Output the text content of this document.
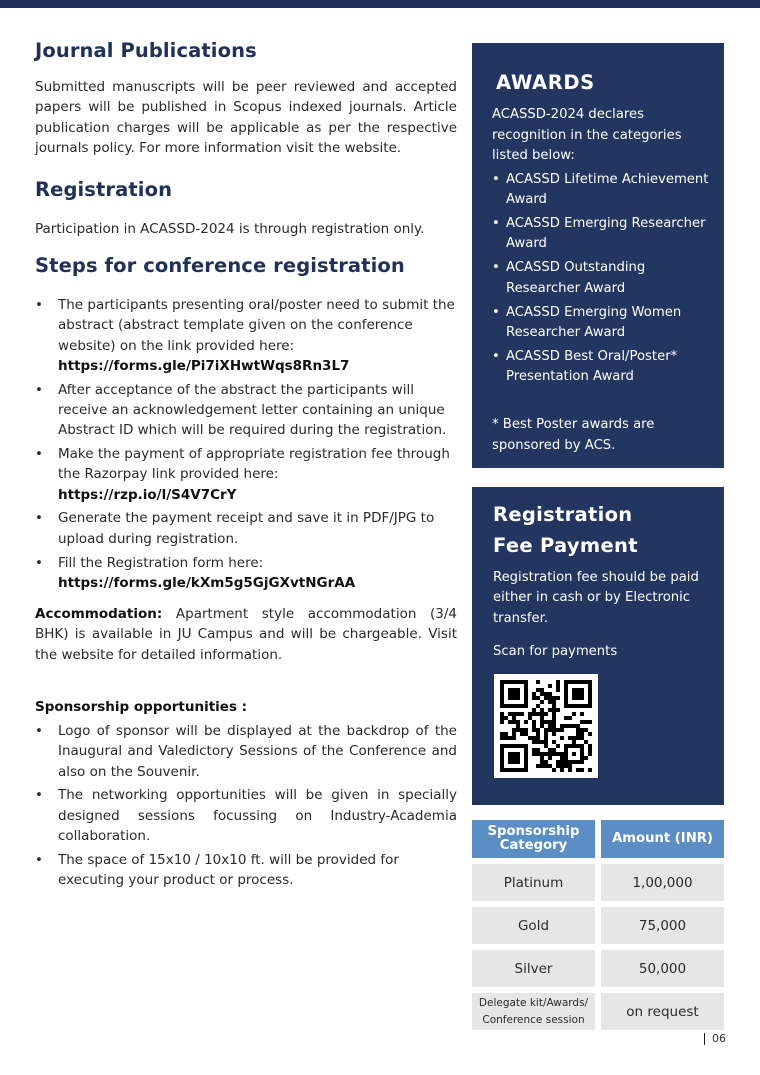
Journal Publications

Submitted manuscripts will be peer reviewed and accepted papers will be published in Scopus indexed journals. Article publication charges will be applicable as per the respective journals policy. For more information visit the website.

Registration

Participation in ACASSD-2024 is through registration only.

Steps for conference registration
• The participants presenting oral/poster need to submit the abstract (abstract template given on the conference website) on the link provided here:
https://forms.gle/Pi7iXHwtWqs8Rn3L7
• After acceptance of the abstract the participants will receive an acknowledgement letter containing an unique Abstract ID which will be required during the registration.
• Make the payment of appropriate registration fee through the Razorpay link provided here: https://rzp.io/l/S4V7CrY
• Generate the payment receipt and save it in PDF/JPG to upload during registration.
• Fill the Registration form here:
https://forms.gle/kXm5g5GjGXvtNGrAA

Accommodation: Apartment style accommodation (3/4 BHK) is available in JU Campus and will be chargeable. Visit the website for detailed information.

Sponsorship opportunities :

• Logo of sponsor will be displayed at the backdrop of the Inaugural and Valedictory Sessions of the Conference and also on the Souvenir.
• The networking opportunities will be given in specially designed sessions focussing on Industry-Academia collaboration.
• The space of 15x10 / 10x10 ft. will be provided for executing your product or process.
AWARDS

ACASSD-2024 declares recognition in the categories listed below:

• ACASSD Lifetime Achievement Award
• ACASSD Emerging Researcher Award
• ACASSD Outstanding Researcher Award
• ACASSD Emerging Women Researcher Award
• ACASSD Best Oral/Poster* Presentation Award

* Best Poster awards are sponsored by ACS.

Registration
Fee Payment

Registration fee should be paid either in cash or by Electronic transfer.

Scan for payments

Sponsorship Category	Amount (INR)
Platinum	1,00,000
Gold	75,000
Silver	50,000
Delegate kit/Awards/ Conference session	on request
06
